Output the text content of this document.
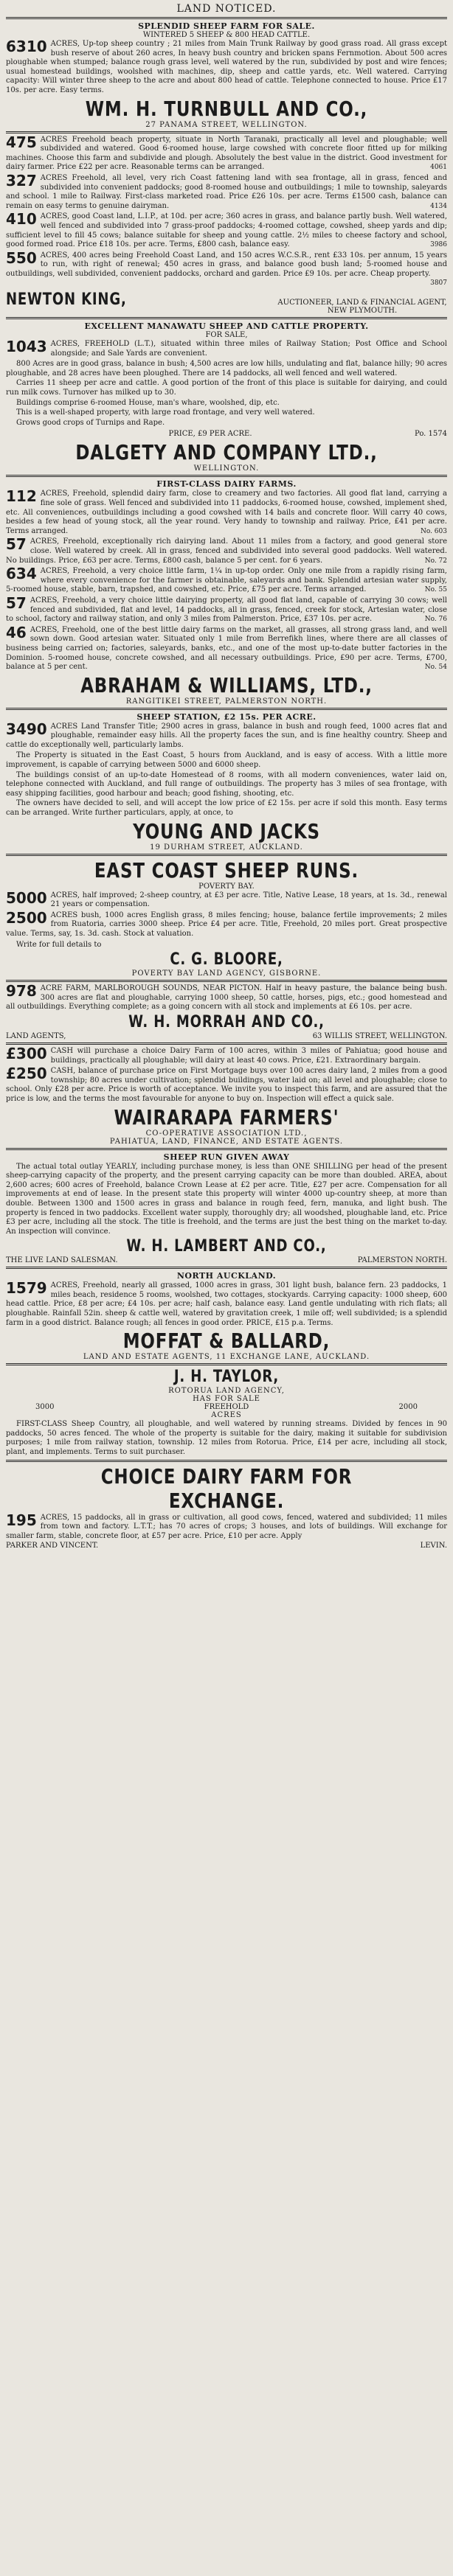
LAND NOTICED.
SPLENDID SHEEP FARM FOR SALE.
WINTERED 5 SHEEP & 800 HEAD CATTLE.
6310 ACRES, Up-top sheep country ; 21 miles from Main Trunk Railway by good grass road. All grass except bush reserve of about 260 acres, In heavy bush country and bricken spans Fernmotion. About 500 acres ploughable when stumped; balance rough grass level, well watered by the run, subdivided by post and wire fences; usual homestead buildings, woolshed with machines, dip, sheep and cattle yards, etc. Well watered. Carrying capacity: Will winter three sheep to the acre and about 800 head of cattle. Telephone connected to house. Price £17 10s. per acre. Easy terms.
WM. H. TURNBULL AND CO.,
27 PANAMA STREET, WELLINGTON.
475 ACRES Freehold beach property, situate in North Taranaki, practically all level and ploughable; well subdivided and watered. Good 6-roomed house, large cowshed with concrete floor fitted up for milking machines. Choose this farm and subdivide and plough. Absolutely the best value in the district. Good investment for dairy farmer. Price £22 per acre. Reasonable terms can be arranged.	4061
327 ACRES Freehold, all level, very rich Coast fattening land with sea frontage, all in grass, fenced and subdivided into convenient paddocks; good 8-roomed house and outbuildings; 1 mile to township, saleyards and school. 1 mile to Railway. First-class marketed road. Price £26 10s. per acre. Terms £1500 cash, balance can remain on easy terms to genuine dairyman.	4134
410 ACRES, good Coast land, L.I.P., at 10d. per acre; 360 acres in grass, and balance partly bush. Well watered, well fenced and subdivided into 7 grass-proof paddocks; 4-roomed cottage, cowshed, sheep yards and dip; sufficient level to fill 45 cows; balance suitable for sheep and young cattle. 2½ miles to cheese factory and school, good formed road. Price £18 10s. per acre. Terms, £800 cash, balance easy.	3986
550 ACRES, 400 acres being Freehold Coast Land, and 150 acres W.C.S.R., rent £33 10s. per annum, 15 years to run, with right of renewal; 450 acres in grass, and balance good bush land; 5-roomed house and outbuildings, well subdivided, convenient paddocks, orchard and garden. Price £9 10s. per acre. Cheap property.
3807
NEWTON KING,	AUCTIONEER, LAND & FINANCIAL AGENT, NEW PLYMOUTH.
EXCELLENT MANAWATU SHEEP AND CATTLE PROPERTY.
FOR SALE,
1043 ACRES, FREEHOLD (L.T.), situated within three miles of Railway Station; Post Office and School alongside; and Sale Yards are convenient.
800 Acres are in good grass, balance in bush; 4,500 acres are low hills, undulating and flat, balance hilly; 90 acres ploughable, and 28 acres have been ploughed. There are 14 paddocks, all well fenced and well watered.
Carries 11 sheep per acre and cattle. A good portion of the front of this place is suitable for dairying, and could run milk cows. Turnover has milked up to 30.
Buildings comprise 6-roomed House, man's whare, woolshed, dip, etc.
This is a well-shaped property, with large road frontage, and very well watered.
Grows good crops of Turnips and Rape.
PRICE, £9 PER ACRE.	Po. 1574
DALGETY AND COMPANY LTD.,
WELLINGTON.
FIRST-CLASS DAIRY FARMS.
112 ACRES, Freehold, splendid dairy farm, close to creamery and two factories. All good flat land, carrying a fine sole of grass. Well fenced and subdivided into 11 paddocks, 6-roomed house, cowshed, implement shed, etc. All conveniences, outbuildings including a good cowshed with 14 bails and concrete floor. Will carry 40 cows, besides a few head of young stock, all the year round. Very handy to township and railway. Price, £41 per acre. Terms arranged.	No. 603
57 ACRES, Freehold, exceptionally rich dairying land. About 11 miles from a factory, and good general store close. Well watered by creek. All in grass, fenced and subdivided into several good paddocks. Well watered. No buildings. Price, £63 per acre. Terms, £800 cash, balance 5 per cent. for 6 years.	No. 72
634 ACRES, Freehold, a very choice little farm, 1¼ in up-top order. Only one mile from a rapidly rising farm, where every convenience for the farmer is obtainable, saleyards and bank. Splendid artesian water supply, 5-roomed house, stable, barn, trapshed, and cowshed, etc. Price, £75 per acre. Terms arranged.	No. 55
57 ACRES, Freehold, a very choice little dairying property, all good flat land, capable of carrying 30 cows; well fenced and subdivided, flat and level, 14 paddocks, all in grass, fenced, creek for stock, Artesian water, close to school, factory and railway station, and only 3 miles from Palmerston. Price, £37 10s. per acre.	No. 76
46 ACRES, Freehold, one of the best little dairy farms on the market, all grasses, all strong grass land, and well sown down. Good artesian water. Situated only 1 mile from Berrefikh lines, where there are all classes of business being carried on; factories, saleyards, banks, etc., and one of the most up-to-date butter factories in the Dominion. 5-roomed house, concrete cowshed, and all necessary outbuildings. Price, £90 per acre. Terms, £700, balance at 5 per cent.	No. 54
ABRAHAM & WILLIAMS, LTD.,
RANGITIKEI STREET, PALMERSTON NORTH.
SHEEP STATION, £2 15s. PER ACRE.
3490 ACRES Land Transfer Title; 2900 acres in grass, balance in bush and rough feed, 1000 acres flat and ploughable, remainder easy hills. All the property faces the sun, and is fine healthy country. Sheep and cattle do exceptionally well, particularly lambs.
The Property is situated in the East Coast, 5 hours from Auckland, and is easy of access. With a little more improvement, is capable of carrying between 5000 and 6000 sheep.
The buildings consist of an up-to-date Homestead of 8 rooms, with all modern conveniences, water laid on, telephone connected with Auckland, and full range of outbuildings. The property has 3 miles of sea frontage, with easy shipping facilities, good harbour and beach; good fishing, shooting, etc.
The owners have decided to sell, and will accept the low price of £2 15s. per acre if sold this month. Easy terms can be arranged. Write further particulars, apply, at once, to
YOUNG AND JACKS
19 DURHAM STREET, AUCKLAND.
EAST COAST SHEEP RUNS.
POVERTY BAY.
5000 ACRES, half improved; 2-sheep country, at £3 per acre. Title, Native Lease, 18 years, at 1s. 3d., renewal 21 years or compensation.
2500 ACRES bush, 1000 acres English grass, 8 miles fencing; house, balance fertile improvements; 2 miles from Ruatoria, carries 3000 sheep. Price £4 per acre. Title, Freehold, 20 miles port. Great prospective value. Terms, say, 1s. 3d. cash. Stock at valuation.
Write for full details to
C. G. BLOORE,
POVERTY BAY LAND AGENCY, GISBORNE.
978 ACRE FARM, MARLBOROUGH SOUNDS, NEAR PICTON. Half in heavy pasture, the balance being bush. 300 acres are flat and ploughable, carrying 1000 sheep, 50 cattle, horses, pigs, etc.; good homestead and all outbuildings. Everything complete; as a going concern with all stock and implements at £6 10s. per acre.
W. H. MORRAH AND CO.,
LAND AGENTS,	63 WILLIS STREET, WELLINGTON.
£300 CASH will purchase a choice Dairy Farm of 100 acres, within 3 miles of Pahiatua; good house and buildings, practically all ploughable; will dairy at least 40 cows. Price, £21. Extraordinary bargain.
£250 CASH, balance of purchase price on First Mortgage buys over 100 acres dairy land, 2 miles from a good township; 80 acres under cultivation; splendid buildings, water laid on; all level and ploughable; close to school. Only £28 per acre. Price is worth of acceptance. We invite you to inspect this farm, and are assured that the price is low, and the terms the most favourable for anyone to buy on. Inspection will effect a quick sale.
WAIRARAPA FARMERS'
CO-OPERATIVE ASSOCIATION LTD.,
PAHIATUA, LAND, FINANCE, AND ESTATE AGENTS.
SHEEP RUN GIVEN AWAY
The actual total outlay YEARLY, including purchase money, is less than ONE SHILLING per head of the present sheep-carrying capacity of the property, and the present carrying capacity can be more than doubled. AREA, about 2,600 acres; 600 acres of Freehold, balance Crown Lease at £2 per acre. Title, £27 per acre. Compensation for all improvements at end of lease. In the present state this property will winter 4000 up-country sheep, at more than double. Between 1300 and 1500 acres in grass and balance in rough feed, fern, manuka, and light bush. The property is fenced in two paddocks. Excellent water supply, thoroughly dry; all woodshed, ploughable land, etc. Price £3 per acre, including all the stock. The title is freehold, and the terms are just the best thing on the market to-day. An inspection will convince.
W. H. LAMBERT AND CO.,
THE LIVE LAND SALESMAN.	PALMERSTON NORTH.
NORTH AUCKLAND.
1579 ACRES, Freehold, nearly all grassed, 1000 acres in grass, 301 light bush, balance fern. 23 paddocks, 1 miles beach, residence 5 rooms, woolshed, two cottages, stockyards. Carrying capacity: 1000 sheep, 600 head cattle. Price, £8 per acre; £4 10s. per acre; half cash, balance easy. Land gentle undulating with rich flats; all ploughable. Rainfall 52in. sheep & cattle well, watered by gravitation creek, 1 mile off; well subdivided; is a splendid farm in a good district. Balance rough; all fences in good order. PRICE, £15 p.a. Terms.
MOFFAT & BALLARD,
LAND AND ESTATE AGENTS, 11 EXCHANGE LANE, AUCKLAND.
J. H. TAYLOR,
ROTORUA LAND AGENCY,
HAS FOR SALE
3000	FREEHOLD	2000
ACRES
FIRST-CLASS Sheep Country, all ploughable, and well watered by running streams. Divided by fences in 90 paddocks, 50 acres fenced. The whole of the property is suitable for the dairy, making it suitable for subdivision purposes; 1 mile from railway station, township. 12 miles from Rotorua. Price, £14 per acre, including all stock, plant, and implements. Terms to suit purchaser.
CHOICE DAIRY FARM FOR
EXCHANGE.
195 ACRES, 15 paddocks, all in grass or cultivation, all good cows, fenced, watered and subdivided; 11 miles from town and factory. L.T.T.; has 70 acres of crops; 3 houses, and lots of buildings. Will exchange for smaller farm, stable, concrete floor, at £57 per acre. Price, £10 per acre. Apply
PARKER AND VINCENT.	LEVIN.
